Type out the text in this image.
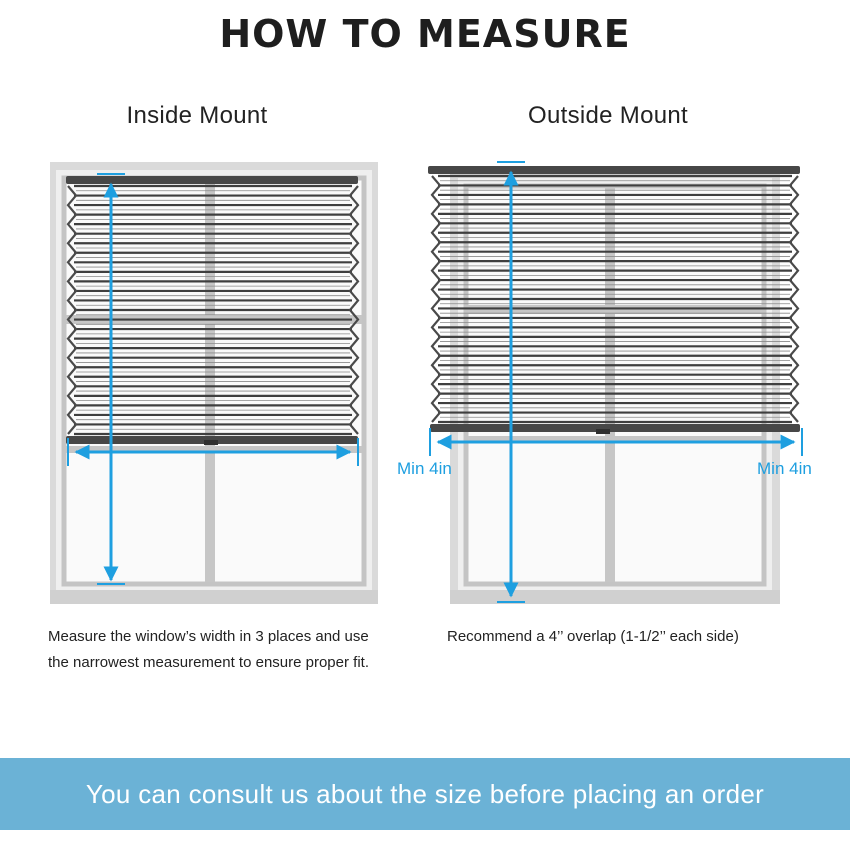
HOW TO MEASURE
Inside Mount	Outside Mount
Min 4in	Min 4in
Measure the window’s width in 3 places and use the narrowest measurement to ensure proper fit.
Recommend a 4’’ overlap (1-1/2’’ each side)
You can consult us about the size before placing an order
